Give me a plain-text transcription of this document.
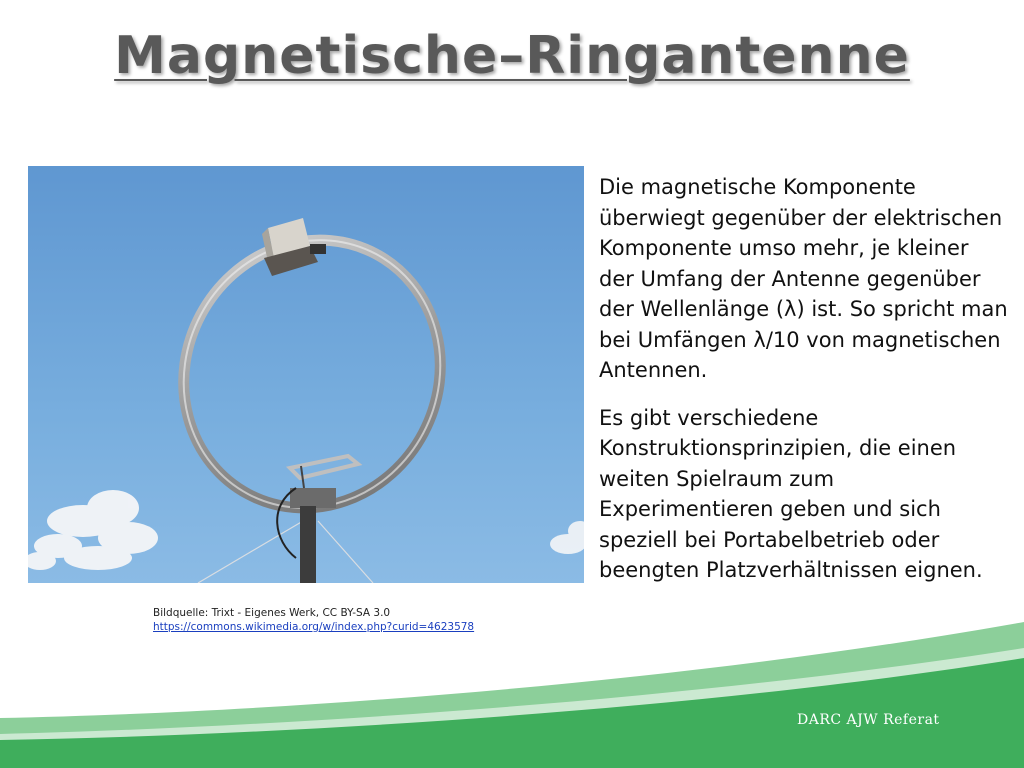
Magnetische–Ringantenne
Bildquelle: Trixt - Eigenes Werk, CC BY-SA 3.0
https://commons.wikimedia.org/w/index.php?curid=4623578

Die magnetische Komponente überwiegt gegenüber der elektrischen Komponente umso mehr, je kleiner der Umfang der Antenne gegenüber der Wellenlänge (λ) ist. So spricht man bei Umfängen λ/10 von magnetischen Antennen.

Es gibt verschiedene Konstruktionsprinzipien, die einen weiten Spielraum zum Experimentieren geben und sich speziell bei Portabelbetrieb oder beengten Platzverhältnissen eignen.

DARC AJW Referat
